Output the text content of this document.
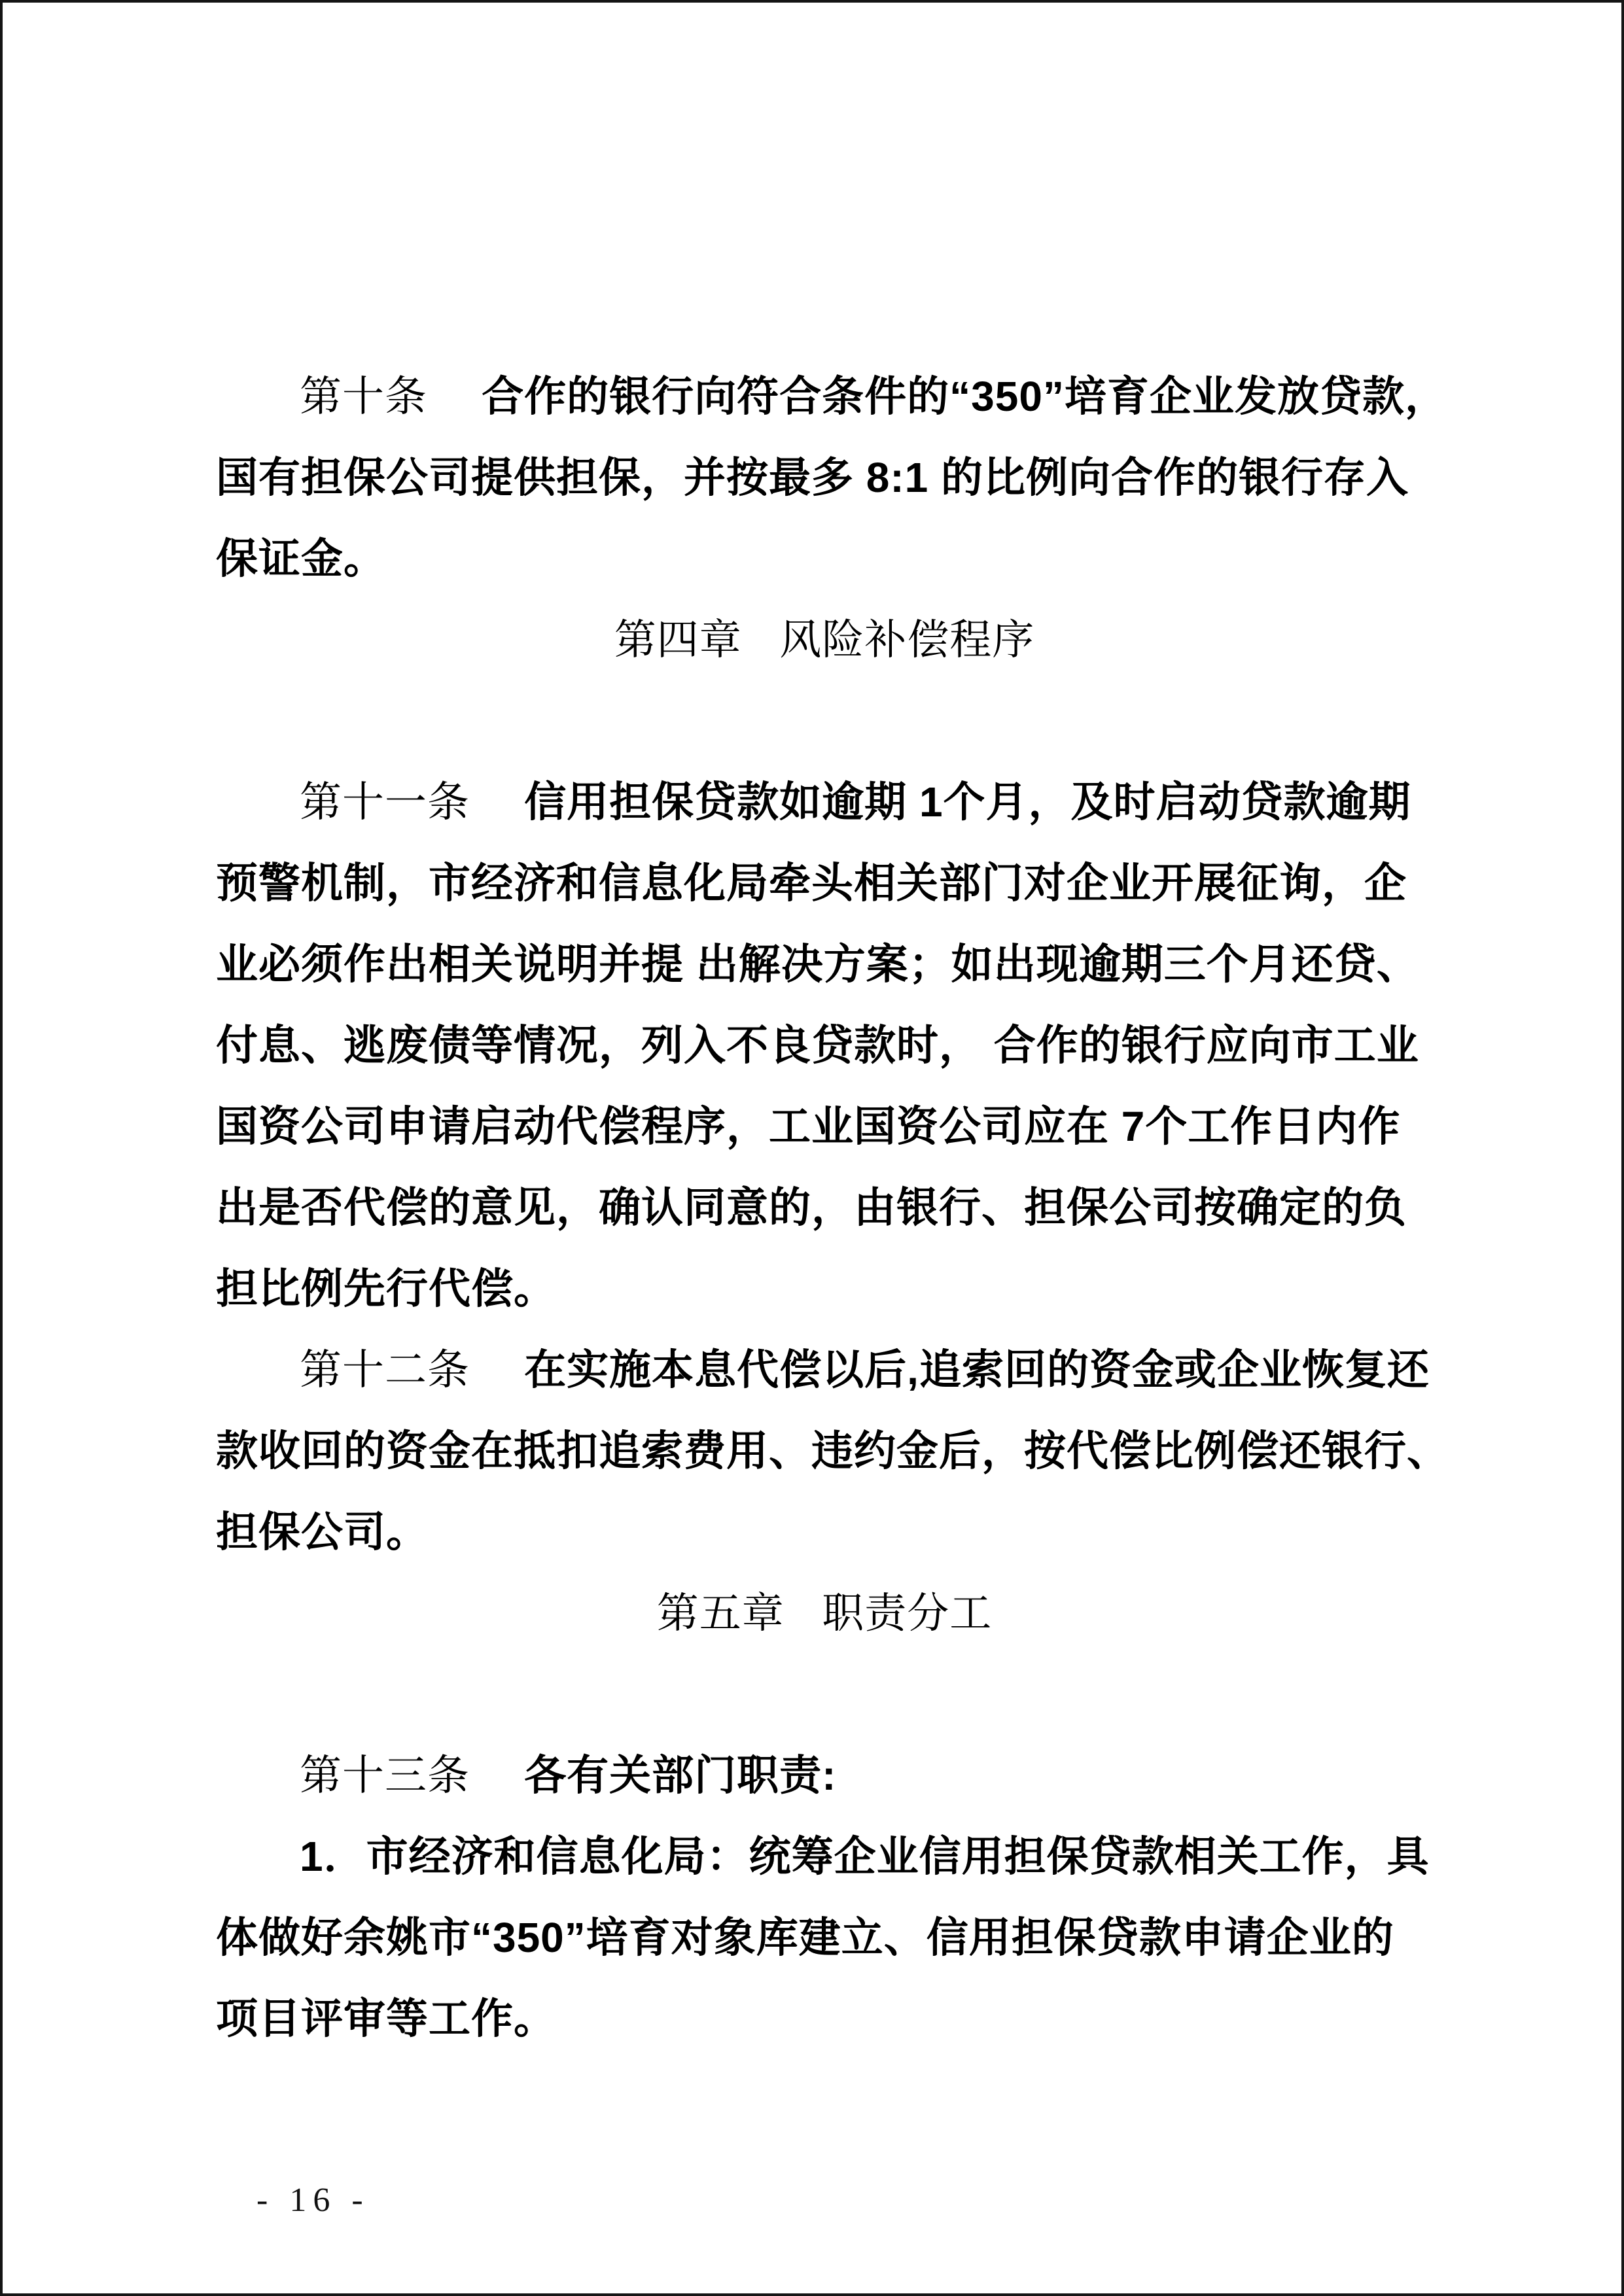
第十条 合作的银行向符合条件的“350”培育企业发放贷款，
国有担保公司提供担保，并按最多 8:1 的比例向合作的银行存入
保证金。
第四章 风险补偿程序
第十一条 信用担保贷款如逾期 1个月，及时启动贷款逾期
预警机制，市经济和信息化局牵头相关部门对企业开展征询，企
业必须作出相关说明并提 出解决方案；如出现逾期三个月还贷、
付息、逃废债等情况，列入不良贷款时， 合作的银行应向市工业
国资公司申请启动代偿程序，工业国资公司应在 7个工作日内作
出是否代偿的意见，确认同意的，由银行、担保公司按确定的负
担比例先行代偿。
第十二条 在实施本息代偿以后,追索回的资金或企业恢复还
款收回的资金在抵扣追索费用、违约金后，按代偿比例偿还银行、
担保公司。
第五章 职责分工
第十三条 各有关部门职责:
1．市经济和信息化局：统筹企业信用担保贷款相关工作，具
体做好余姚市“350”培育对象库建立、信用担保贷款申请企业的
项目评审等工作。
- 16 -
